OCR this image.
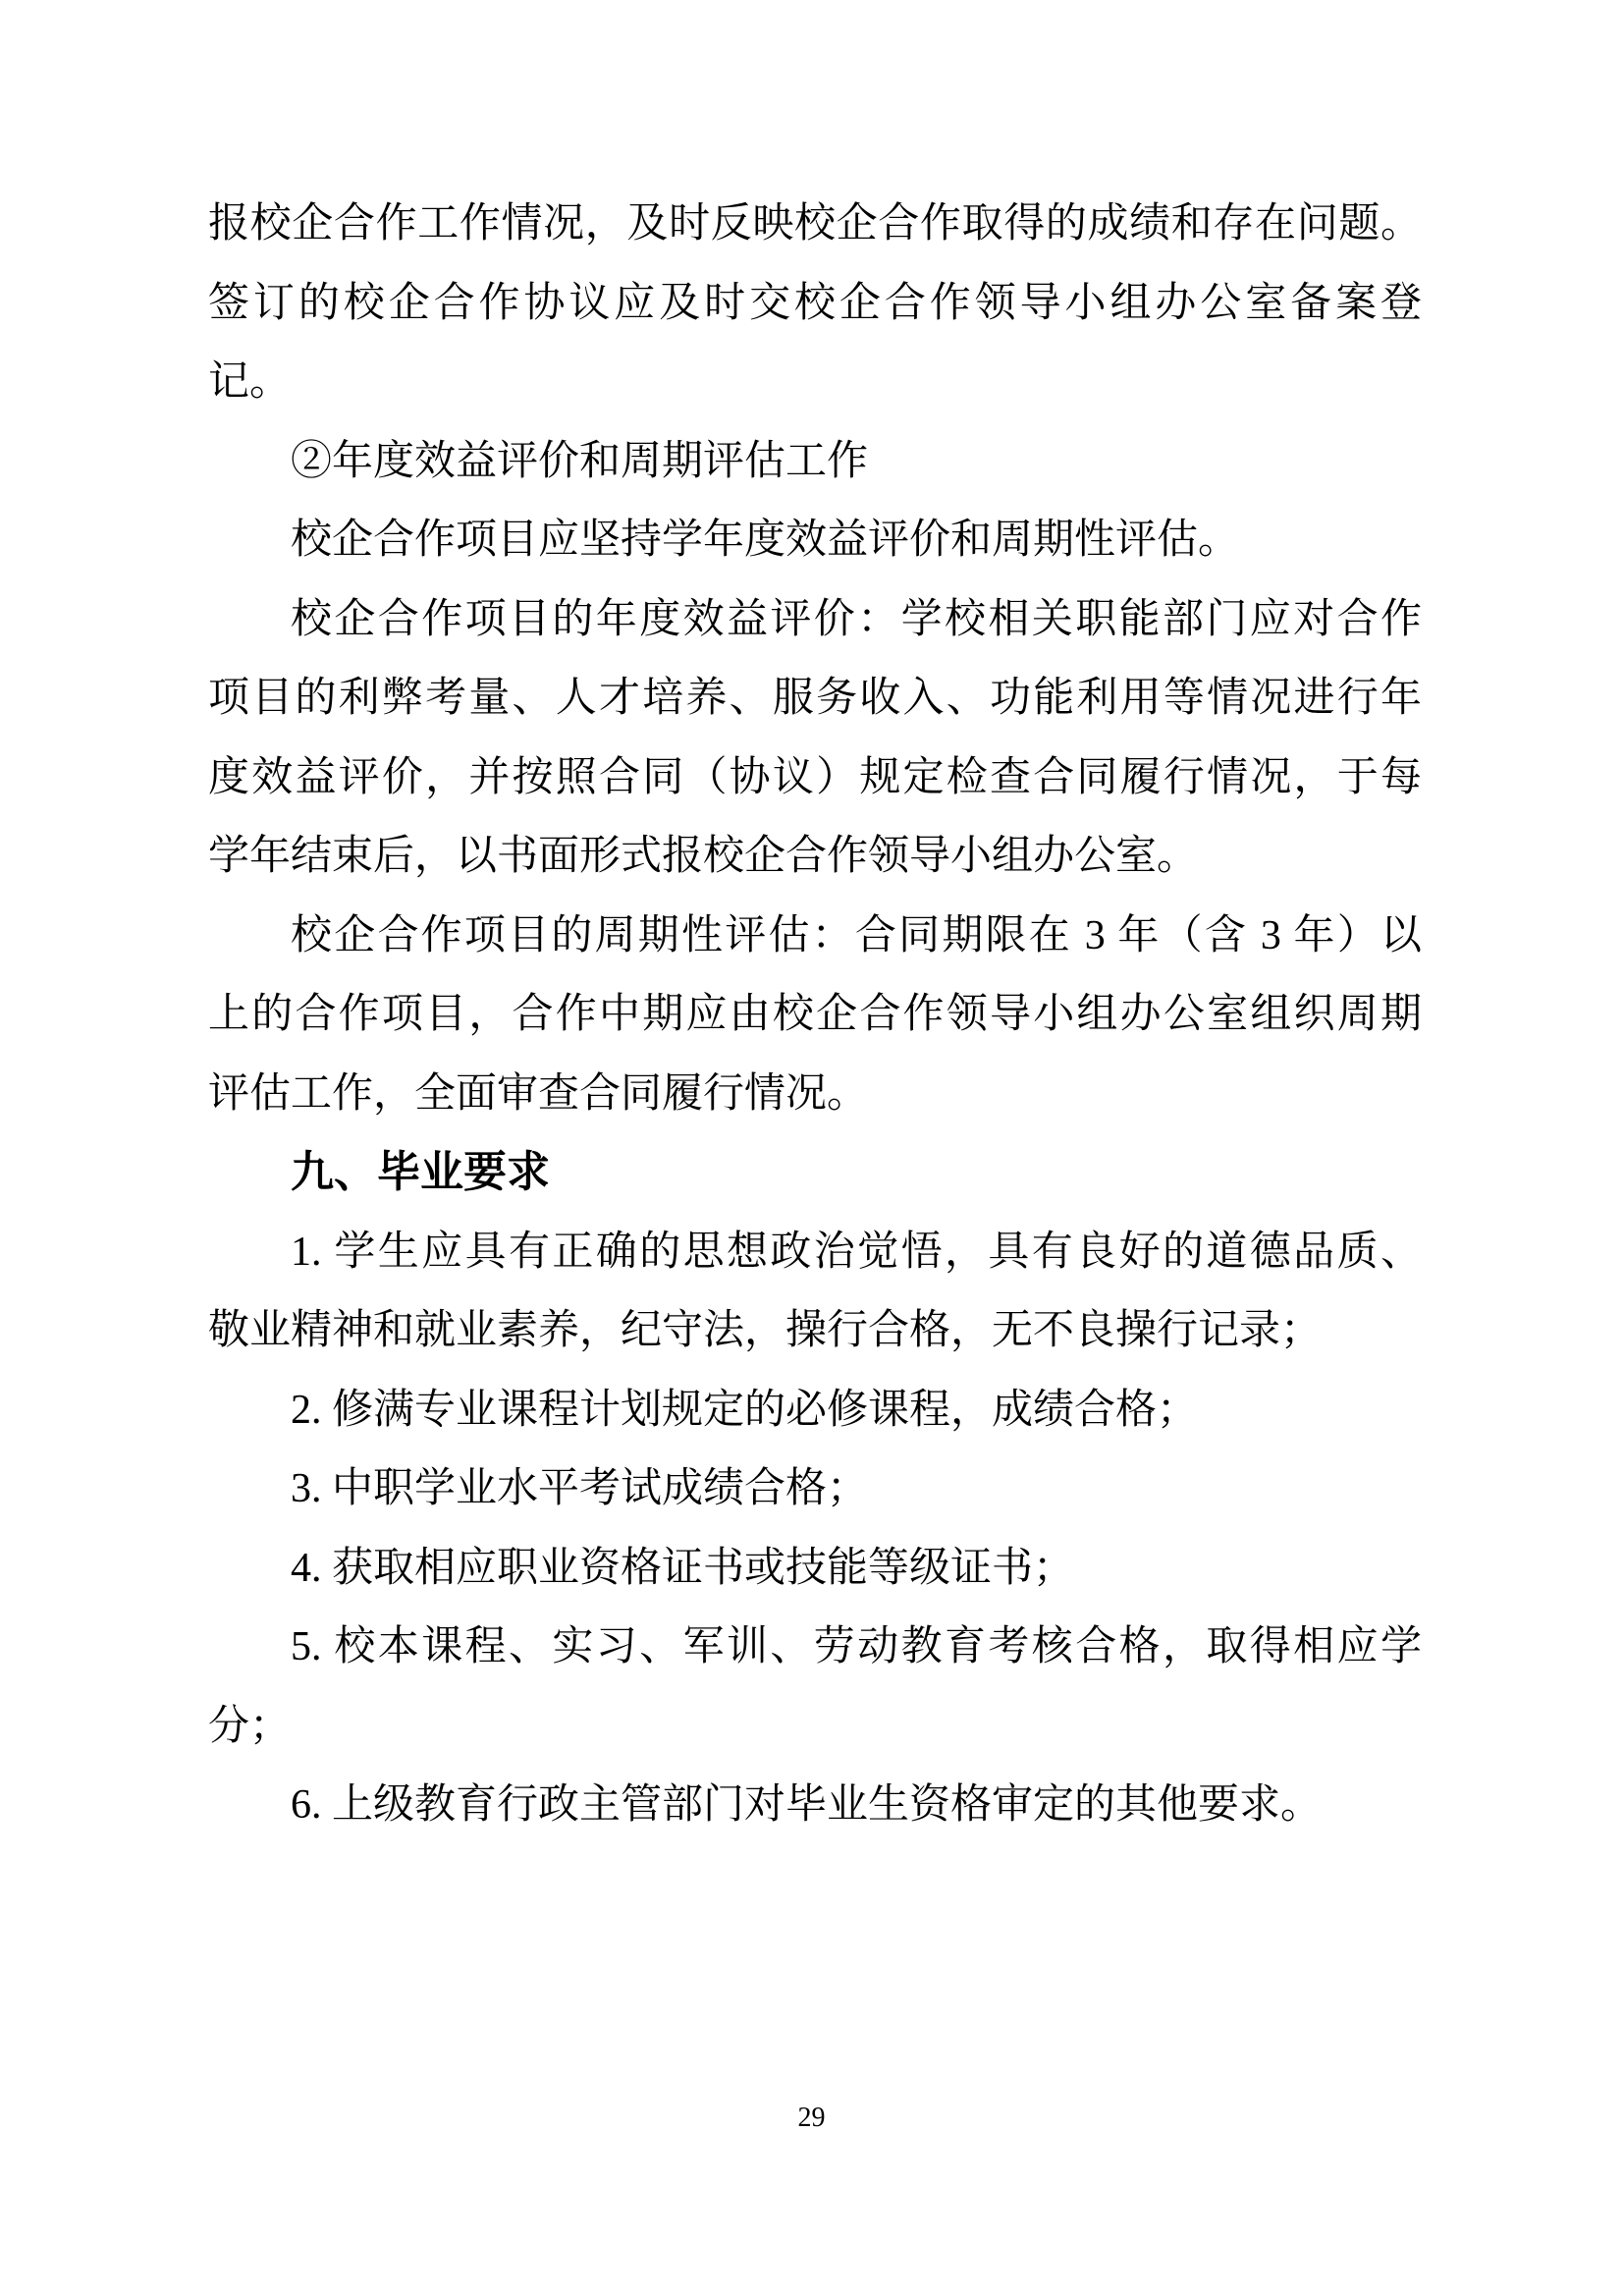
报校企合作工作情况，及时反映校企合作取得的成绩和存在问题。
签订的校企合作协议应及时交校企合作领导小组办公室备案登
记。
②年度效益评价和周期评估工作
校企合作项目应坚持学年度效益评价和周期性评估。
校企合作项目的年度效益评价：学校相关职能部门应对合作
项目的利弊考量、人才培养、服务收入、功能利用等情况进行年
度效益评价，并按照合同（协议）规定检查合同履行情况，于每
学年结束后，以书面形式报校企合作领导小组办公室。
校企合作项目的周期性评估：合同期限在 3 年（含 3 年）以
上的合作项目，合作中期应由校企合作领导小组办公室组织周期
评估工作，全面审查合同履行情况。
九、毕业要求
1. 学生应具有正确的思想政治觉悟，具有良好的道德品质、
敬业精神和就业素养，纪守法，操行合格，无不良操行记录；
2. 修满专业课程计划规定的必修课程，成绩合格；
3. 中职学业水平考试成绩合格；
4. 获取相应职业资格证书或技能等级证书；
5. 校本课程、实习、军训、劳动教育考核合格，取得相应学
分；
6. 上级教育行政主管部门对毕业生资格审定的其他要求。
29
